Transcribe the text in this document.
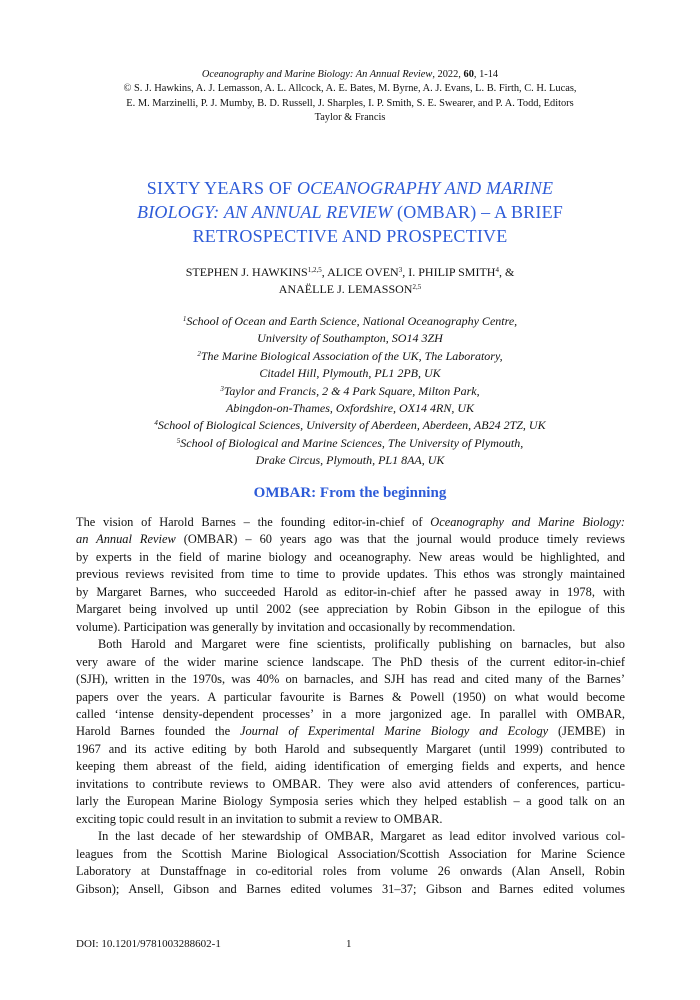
Oceanography and Marine Biology: An Annual Review, 2022, 60, 1-14
© S. J. Hawkins, A. J. Lemasson, A. L. Allcock, A. E. Bates, M. Byrne, A. J. Evans, L. B. Firth, C. H. Lucas,
E. M. Marzinelli, P. J. Mumby, B. D. Russell, J. Sharples, I. P. Smith, S. E. Swearer, and P. A. Todd, Editors
Taylor & Francis
SIXTY YEARS OF OCEANOGRAPHY AND MARINE
BIOLOGY: AN ANNUAL REVIEW (OMBAR) – A BRIEF
RETROSPECTIVE AND PROSPECTIVE
STEPHEN J. HAWKINS$^{1,2,5}$, ALICE OVEN$^3$, I. PHILIP SMITH$^4$, &
ANAËLLE J. LEMASSON$^{2,5}$
$^1$School of Ocean and Earth Science, National Oceanography Centre,
University of Southampton, SO14 3ZH
$^2$The Marine Biological Association of the UK, The Laboratory,
Citadel Hill, Plymouth, PL1 2PB, UK
$^3$Taylor and Francis, 2 & 4 Park Square, Milton Park,
Abingdon-on-Thames, Oxfordshire, OX14 4RN, UK
$^4$School of Biological Sciences, University of Aberdeen, Aberdeen, AB24 2TZ, UK
$^5$School of Biological and Marine Sciences, The University of Plymouth,
Drake Circus, Plymouth, PL1 8AA, UK
OMBAR: From the beginning
The vision of Harold Barnes – the founding editor-in-chief of Oceanography and Marine Biology:
an Annual Review (OMBAR) – 60 years ago was that the journal would produce timely reviews
by experts in the field of marine biology and oceanography. New areas would be highlighted, and
previous reviews revisited from time to time to provide updates. This ethos was strongly maintained
by Margaret Barnes, who succeeded Harold as editor-in-chief after he passed away in 1978, with
Margaret being involved up until 2002 (see appreciation by Robin Gibson in the epilogue of this
volume). Participation was generally by invitation and occasionally by recommendation.
Both Harold and Margaret were fine scientists, prolifically publishing on barnacles, but also
very aware of the wider marine science landscape. The PhD thesis of the current editor-in-chief
(SJH), written in the 1970s, was 40% on barnacles, and SJH has read and cited many of the Barnes’
papers over the years. A particular favourite is Barnes & Powell (1950) on what would become
called ‘intense density-dependent processes’ in a more jargonized age. In parallel with OMBAR,
Harold Barnes founded the Journal of Experimental Marine Biology and Ecology (JEMBE) in
1967 and its active editing by both Harold and subsequently Margaret (until 1999) contributed to
keeping them abreast of the field, aiding identification of emerging fields and experts, and hence
invitations to contribute reviews to OMBAR. They were also avid attenders of conferences, particu-
larly the European Marine Biology Symposia series which they helped establish – a good talk on an
exciting topic could result in an invitation to submit a review to OMBAR.
In the last decade of her stewardship of OMBAR, Margaret as lead editor involved various col-
leagues from the Scottish Marine Biological Association/Scottish Association for Marine Science
Laboratory at Dunstaffnage in co-editorial roles from volume 26 onwards (Alan Ansell, Robin
Gibson); Ansell, Gibson and Barnes edited volumes 31–37; Gibson and Barnes edited volumes
DOI: 10.1201/9781003288602-1	1
